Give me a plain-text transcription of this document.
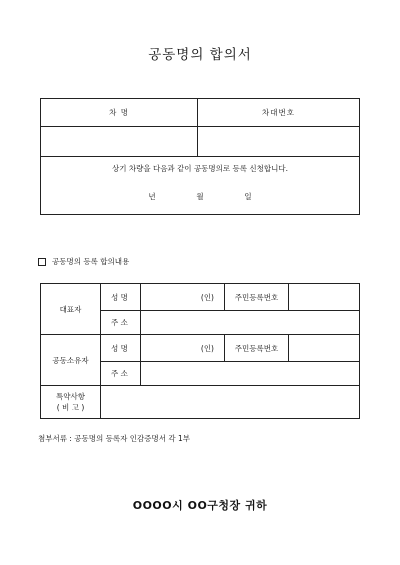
공동명의 합의서
차 명	차대번호

상기 차량을 다음과 같이 공동명의로 등록 신청합니다.
년 월 일	
공동명의 등록 합의내용
대표자	성 명	(인)	주민등록번호	
	주 소			
공동소유자	성 명	(인)	주민등록번호	
	주 소			

특약사항
( 비 고 )				

첨부서류 : 공동명의 등록자 인감증명서 각 1부
OOOO시 OO구청장 귀하
